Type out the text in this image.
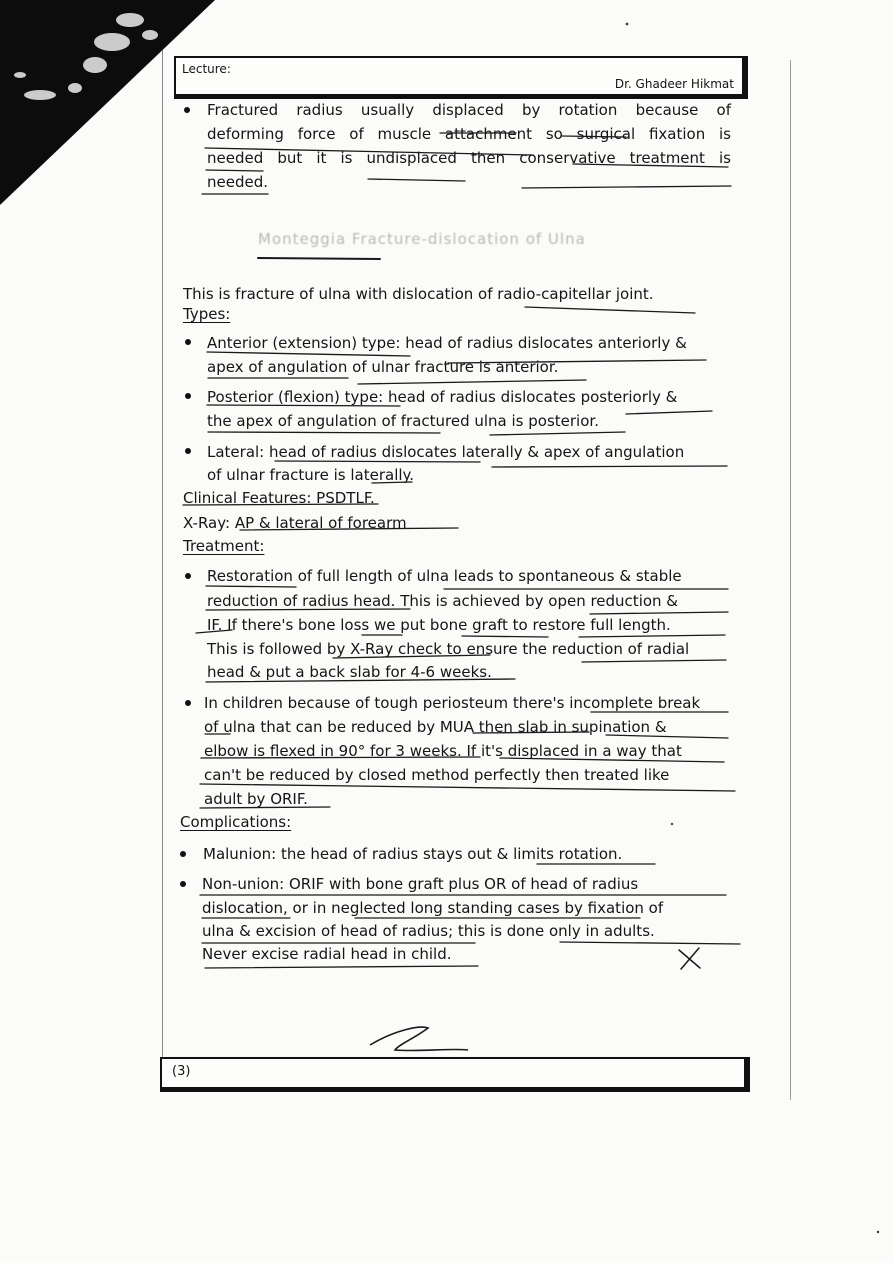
Lecture:
Dr. Ghadeer Hikmat
Fractured radius usually displaced by rotation because of
deforming force of muscle attachment so surgical fixation is
needed but it is undisplaced then conservative treatment is
needed.
Monteggia Fracture-dislocation of Ulna
This is fracture of ulna with dislocation of radio-capitellar joint.
Types:
Anterior (extension) type: head of radius dislocates anteriorly &
apex of angulation of ulnar fracture is anterior.
Posterior (flexion) type: head of radius dislocates posteriorly &
the apex of angulation of fractured ulna is posterior.
Lateral: head of radius dislocates laterally & apex of angulation
of ulnar fracture is laterally.
Clinical Features: PSDTLF.
X-Ray: AP & lateral of forearm
Treatment:
Restoration of full length of ulna leads to spontaneous & stable
reduction of radius head. This is achieved by open reduction &
IF. If there's bone loss we put bone graft to restore full length.
This is followed by X-Ray check to ensure the reduction of radial
head & put a back slab for 4-6 weeks.
In children because of tough periosteum there's incomplete break
of ulna that can be reduced by MUA then slab in supination &
elbow is flexed in 90° for 3 weeks. If it's displaced in a way that
can't be reduced by closed method perfectly then treated like
adult by ORIF.
Complications:
Malunion: the head of radius stays out & limits rotation.
Non-union: ORIF with bone graft plus OR of head of radius
dislocation, or in neglected long standing cases by fixation of
ulna & excision of head of radius; this is done only in adults.
Never excise radial head in child.
(3)
